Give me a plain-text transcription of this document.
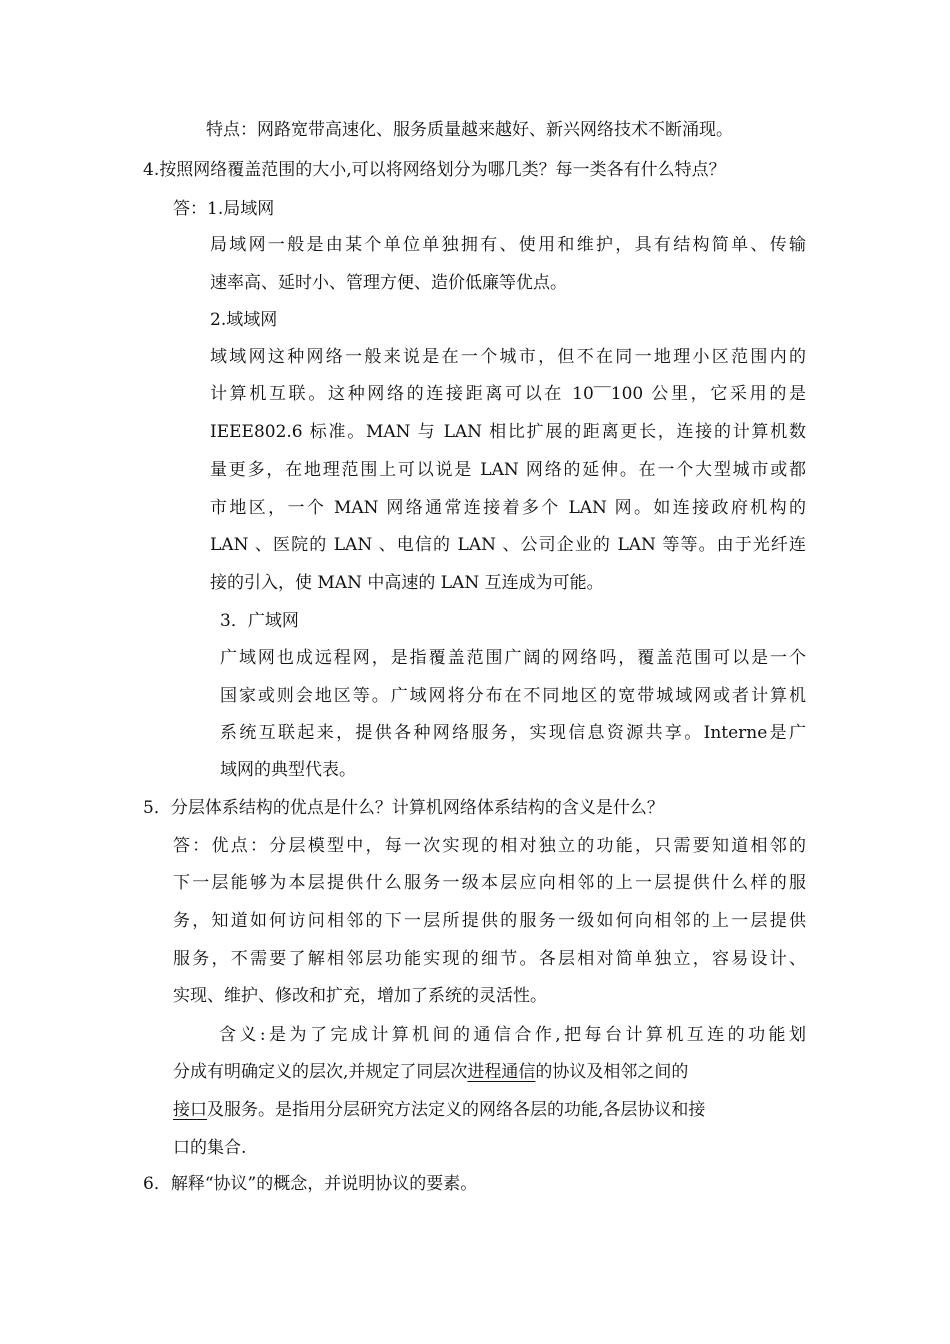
特点：网路宽带高速化、服务质量越来越好、新兴网络技术不断涌现。
4.按照网络覆盖范围的大小,可以将网络划分为哪几类？每一类各有什么特点？
答：1.局域网
局域网一般是由某个单位单独拥有、使用和维护，具有结构简单、传输
速率高、延时小、管理方便、造价低廉等优点。
2.域域网
域域网这种网络一般来说是在一个城市，但不在同一地理小区范围内的
计算机互联。这种网络的连接距离可以在 10‾‾100 公里，它采用的是
IEEE802.6 标准。MAN 与 LAN 相比扩展的距离更长，连接的计算机数
量更多，在地理范围上可以说是 LAN 网络的延伸。在一个大型城市或都
市地区，一个 MAN 网络通常连接着多个 LAN 网。如连接政府机构的
LAN 、医院的 LAN 、电信的 LAN 、公司企业的 LAN 等等。由于光纤连
接的引入，使 MAN 中高速的 LAN 互连成为可能。
3．广域网
广域网也成远程网，是指覆盖范围广阔的网络吗，覆盖范围可以是一个
国家或则会地区等。广域网将分布在不同地区的宽带城域网或者计算机
系统互联起来，提供各种网络服务，实现信息资源共享。Interne是广
域网的典型代表。
5．分层体系结构的优点是什么？计算机网络体系结构的含义是什么？
答：优点：分层模型中，每一次实现的相对独立的功能，只需要知道相邻的
下一层能够为本层提供什么服务一级本层应向相邻的上一层提供什么样的服
务，知道如何访问相邻的下一层所提供的服务一级如何向相邻的上一层提供
服务，不需要了解相邻层功能实现的细节。各层相对简单独立，容易设计、
实现、维护、修改和扩充，增加了系统的灵活性。
含义:是为了完成计算机间的通信合作,把每台计算机互连的功能划
分成有明确定义的层次,并规定了同层次进程通信的协议及相邻之间的
接口及服务。是指用分层研究方法定义的网络各层的功能,各层协议和接
口的集合.
6．解释“协议”的概念，并说明协议的要素。
